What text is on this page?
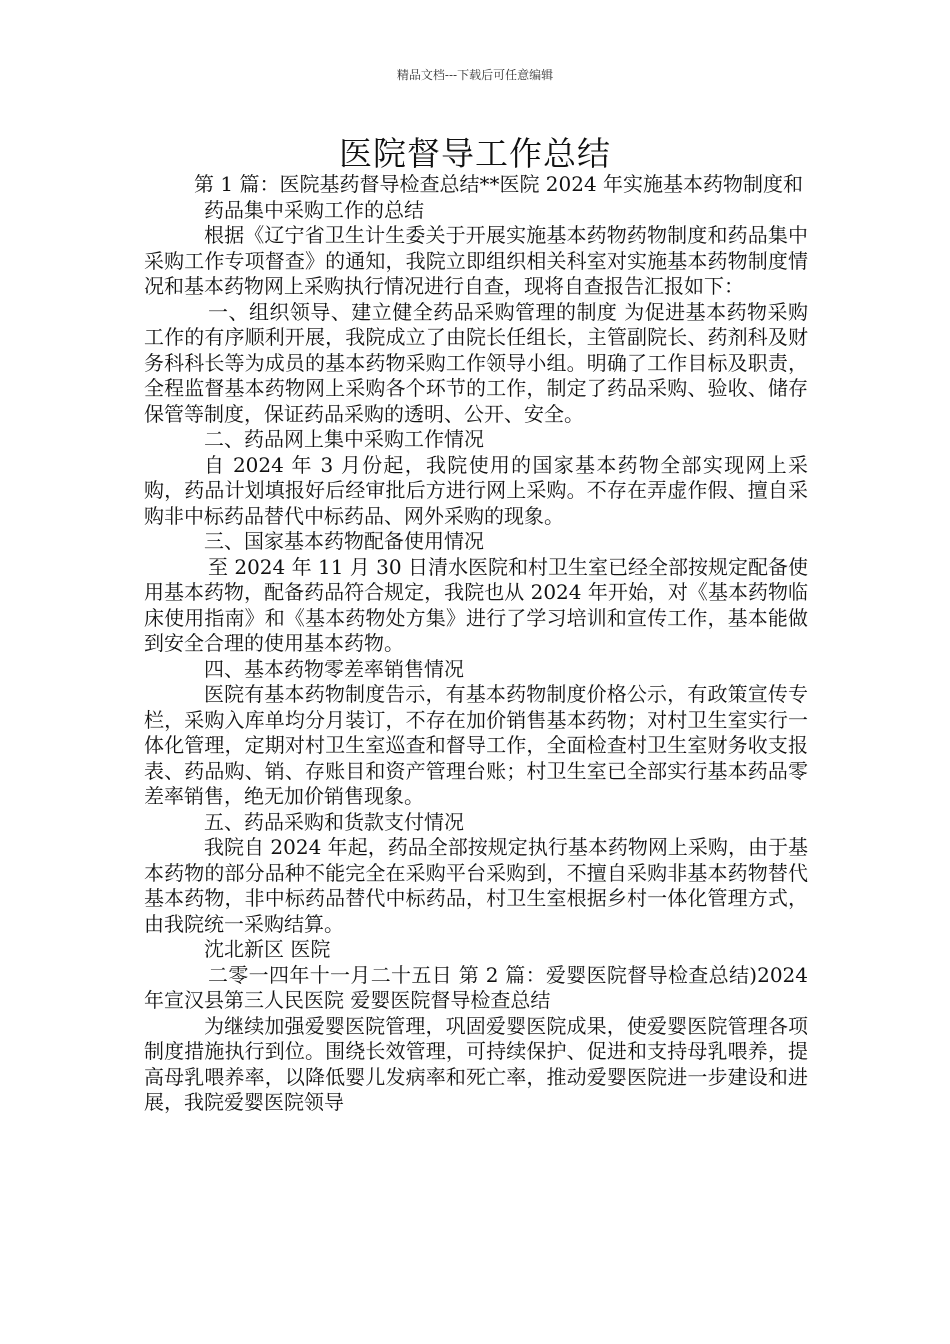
精品文档---下载后可任意编辑
医院督导工作总结

第 1 篇：医院基药督导检查总结**医院 2024 年实施基本药物制度和

药品集中采购工作的总结

根据《辽宁省卫生计生委关于开展实施基本药物药物制度和药品集中采购工作专项督查》的通知，我院立即组织相关科室对实施基本药物制度情况和基本药物网上采购执行情况进行自查，现将自查报告汇报如下：

一、组织领导、建立健全药品采购管理的制度 为促进基本药物采购工作的有序顺利开展，我院成立了由院长任组长，主管副院长、药剂科及财务科科长等为成员的基本药物采购工作领导小组。明确了工作目标及职责，全程监督基本药物网上采购各个环节的工作，制定了药品采购、验收、储存保管等制度，保证药品采购的透明、公开、安全。

二、药品网上集中采购工作情况

自 2024 年 3 月份起，我院使用的国家基本药物全部实现网上采购，药品计划填报好后经审批后方进行网上采购。不存在弄虚作假、擅自采购非中标药品替代中标药品、网外采购的现象。

三、国家基本药物配备使用情况

至 2024 年 11 月 30 日清水医院和村卫生室已经全部按规定配备使用基本药物，配备药品符合规定，我院也从 2024 年开始，对《基本药物临床使用指南》和《基本药物处方集》进行了学习培训和宣传工作，基本能做到安全合理的使用基本药物。

四、基本药物零差率销售情况

医院有基本药物制度告示，有基本药物制度价格公示，有政策宣传专栏，采购入库单均分月装订，不存在加价销售基本药物；对村卫生室实行一体化管理，定期对村卫生室巡查和督导工作，全面检查村卫生室财务收支报表、药品购、销、存账目和资产管理台账；村卫生室已全部实行基本药品零差率销售，绝无加价销售现象。

五、药品采购和货款支付情况

我院自 2024 年起，药品全部按规定执行基本药物网上采购，由于基本药物的部分品种不能完全在采购平台采购到，不擅自采购非基本药物替代基本药物，非中标药品替代中标药品，村卫生室根据乡村一体化管理方式，由我院统一采购结算。

沈北新区 医院

二零一四年十一月二十五日 第 2 篇：爱婴医院督导检查总结)2024 年宣汉县第三人民医院 爱婴医院督导检查总结

为继续加强爱婴医院管理，巩固爱婴医院成果，使爱婴医院管理各项制度措施执行到位。围绕长效管理，可持续保护、促进和支持母乳喂养，提高母乳喂养率，以降低婴儿发病率和死亡率，推动爱婴医院进一步建设和进展，我院爱婴医院领导
